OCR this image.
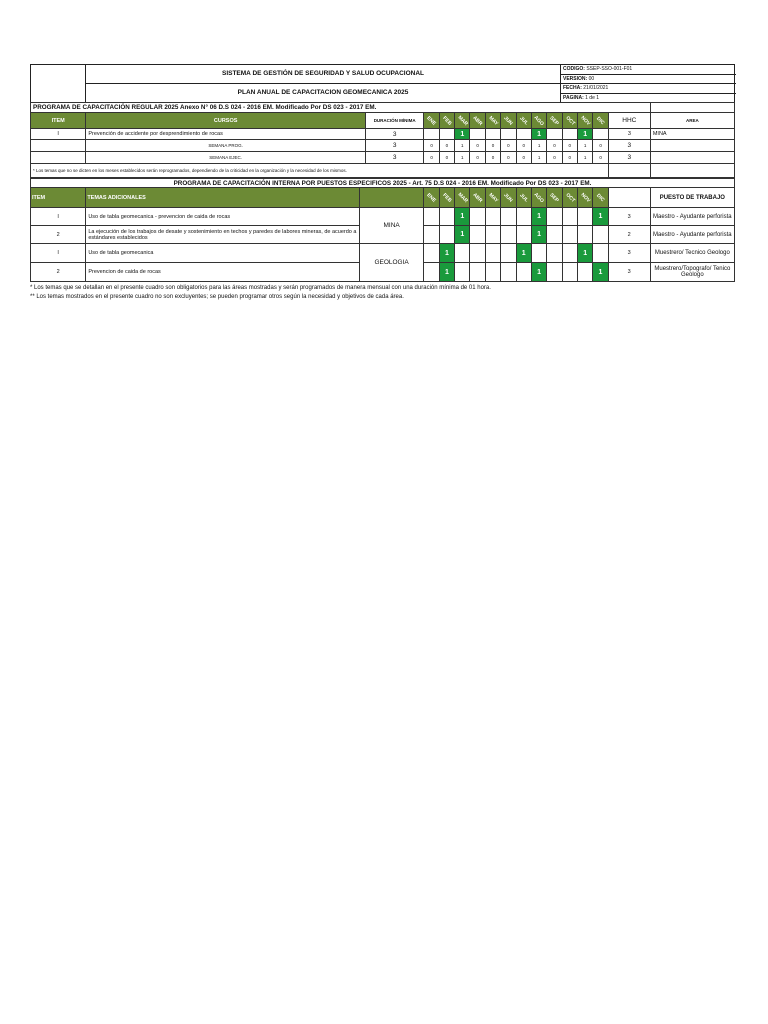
SISTEMA DE GESTIÓN DE SEGURIDAD Y SALUD OCUPACIONAL
PLAN ANUAL DE CAPACITACION GEOMECANICA 2025
CODIGO: SSEP-SSO-001-F01
VERSION: 00
FECHA: 21/01/2021
PAGINA: 1 de 1
PROGRAMA DE CAPACITACIÓN REGULAR 2025 Anexo N° 06 D.S 024 - 2016 EM. Modificado Por DS 023 - 2017 EM.																
ITEM	CURSOS	DURACIÓN MÍNIMA	ENE	FEB	MAR	ABR	MAY	JUN	JUL	AGO	SEP	OCT	NOV	DIC	HHC	AREA
I	Prevención de accidente por desprendimiento de rocas	3			1					1			1		3	MINA
	SEMANA PROG.	3	0	0	1	0	0	0	0	1	0	0	1	0	3	
	SEMANA EJEC.	3	0	0	1	0	0	0	0	1	0	0	1	0	3	
* Los temas que no se dicten en los meses establecidos serán reprogramados, dependiendo de la criticidad en la organización y la necesidad de los mismos.																
PROGRAMA DE CAPACITACIÓN INTERNA POR PUESTOS ESPECIFICOS 2025 - Art. 75 D.S 024 - 2016 EM. Modificado Por DS 023 - 2017 EM.																
ITEM	TEMAS ADICIONALES		ENE	FEB	MAR	ABR	MAY	JUN	JUL	AGO	SEP	OCT	NOV	DIC		PUESTO DE TRABAJO
I	Uso de tabla geomecanica - prevencion de caida de rocas	MINA			1					1				1	3	Maestro - Ayudante perforista
2	La ejecución de los trabajos de desate y sostenimiento en techos y paredes de labores mineras, de acuerdo a estándares establecidos				1					1					2	Maestro - Ayudante perforista
I	Uso de tabla geomecanica	GEOLOGIA		1					1				1		3	Muestrero/ Tecnico Geologo
2	Prevencion de caida de rocas			1						1				1	3	Muestrero/Topografo/ Tenico Geologo
* Los temas que se detallan en el presente cuadro son obligatorios para las áreas mostradas y serán programados de manera mensual con una duración mínima de 01 hora.
** Los temas mostrados en el presente cuadro no son excluyentes; se pueden programar otros según la necesidad y objetivos de cada área.
